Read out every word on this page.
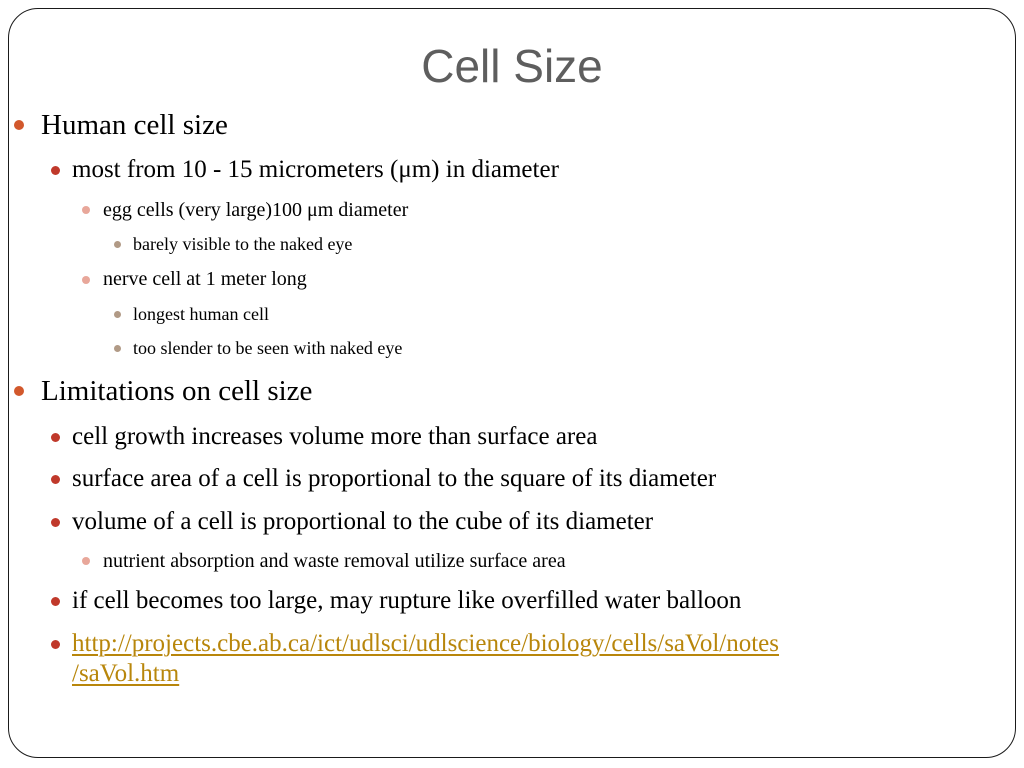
Cell Size
Human cell size
most from 10 - 15 micrometers (μm) in diameter
egg cells (very large)100 μm diameter
barely visible to the naked eye
nerve cell at 1 meter long
longest human cell
too slender to be seen with naked eye
Limitations on cell size
cell growth increases volume more than surface area
surface area of a cell is proportional to the square of its diameter
volume of a cell is proportional to the cube of its diameter
nutrient absorption and waste removal utilize surface area
if cell becomes too large, may rupture like overfilled water balloon
http://projects.cbe.ab.ca/ict/udlsci/udlscience/biology/cells/saVol/notes
/saVol.htm
